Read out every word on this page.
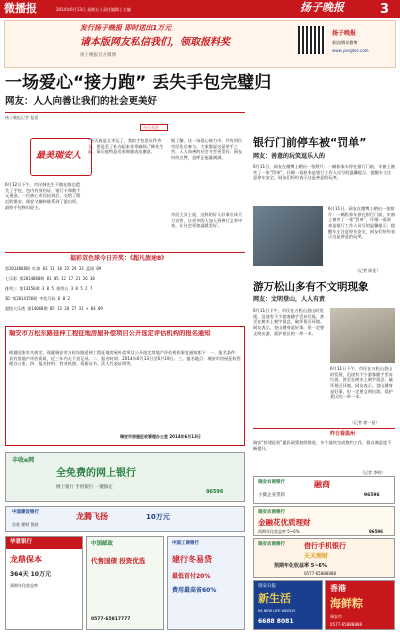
微播报	2014年6月13日 星期五 | 责任编辑 | 主编	扬子晚报	3
发行扬子晚报 即时送出1万元
请本版网友私信我们，领取报料奖
扬子晚报官方微博
扬子晚报
新浪/腾讯微博
www.yangtse.com
一场爱心“接力跑” 丢失手包完璧归
网友：人人向善让我们的社会更美好
扬子晚报记者 报道
今日关注
最美瑞安人
6月12日下午，市民韩先生不慎在路边遗失了手包，包内有身份证、银行卡和数千元现金。一位热心市民捡到后，交给了附近的保安，保安又辗转联系到了派出所，最终手包物归原主。
“今天真是太幸运了，我的手包里证件齐全，要是丢了补办起来非常麻烦。”韩先生说，事后他特意送来锦旗表达谢意。
据了解，这一场爱心接力中，共有四位市民先后参与，大家都说这是举手之劳，人人向善的社会才会更美好。网友纷纷点赞，直呼正能量满满。
市民王女士说，这样的好人好事应该大力宣传，让更多的人加入到善行义举中来，让社会更加温暖美好。
福彩双色球今日开奖：《超凡旅途8》
第2014068期 红球 03 11 18 22 29 33 蓝球 09
七乐彩 第2014068期 01 05 12 17 21 26 30
排列三 第14156期 3 8 5 排列五 3 8 5 2 7
3D 第2014156期 中奖号码 6 0 2
超级大乐透 第14068期 05 13 20 27 31 + 04 09
瑞安市万松东路延伸工程征地房屋补偿项目公开选定评估机构的报名通知
根据国家有关规定，现就瑞安市万松东路延伸工程征地房屋补偿项目公开选定房地产评估机构事宜通知如下：一、报名条件：具有房地产评估资质，近三年内无不良记录。二、报名时间：2014年6月13日至6月19日。三、报名地点：瑞安市房屋征收管理办公室。四、报名材料：营业执照、资质证书、法人代表证明等。
瑞安市房屋征收管理办公室 2014年6月13日
银行门前停车被“罚单”
网友：善意的玩笑逗乐人的
6月11日，网友在微博上晒出一张照片：一辆私家车停在银行门前，车窗上被夹了一张“罚单”，仔细一看原来是银行工作人员写的温馨提示，提醒车主注意停车安全，网友们纷纷表示这是善意的玩笑。
6月11日，网友在微博上晒出一张照片：一辆私家车停在银行门前，车窗上被夹了一张“罚单”，仔细一看原来是银行工作人员写的温馨提示，提醒车主注意停车安全，网友们纷纷表示这是善意的玩笑。
（记者 陈佳）
游万松山多有不文明现象
网友：文明登山，人人有责
6月11日下午，市民在万松山登山时发现，沿途有不少游客随手丢弃垃圾，甚至在树木上刻字留念，破坏景区环境。网友表示，登山健身是好事，但一定要文明出游，爱护景区的一草一木。
6月11日下午，市民在万松山登山时发现，沿途有不少游客随手丢弃垃圾，甚至在树木上刻字留念，破坏景区环境。网友表示，登山健身是好事，但一定要文明出游，爱护景区的一草一木。
（记者 徐一星）
昨日看温州
瑞安“拆建征收”惠民政策持续推进，多个地块完成签约工作，群众满意度不断提升。
（记者 李明）
丰收e网
全免费的网上银行
网上银行 手机银行 一键搞定
96596
瑞安农商银行	融商
小微企业贷款	96596
中国建设银行	龙腾飞扬	10万元
存款 理财 贷款
瑞安农商银行
金融花优质理财
预期年化收益率 5~6%	96596
瑞安农商银行	借行手机银行
天天理财
预期年化收益率 5~6%
0577-65888888
华意银行
龙鼎保本
364天 10万元
到期年化收益率
中国邮政
代售国债 投资优选
0577-65817777
中国工商银行
建行冬易贷
最低首付20%
费用最高省60%
瑞安日报
新生活
RA NEW LIFE WEEKLY
6688 8081
香港
海鲜粽
瑞安市
0577-65888888
